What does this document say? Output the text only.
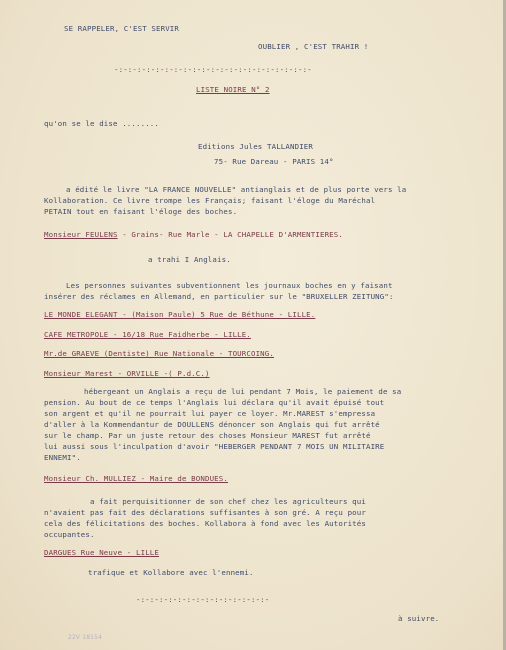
SE RAPPELER, C'EST SERVIR
OUBLIER , C'EST TRAHIR !
-:-:-:-:-:-:-:-:-:-:-:-:-:-:-:-:-:-:-:-:-:-
LISTE NOIRE N° 2
qu'on se le dise ........
Editions Jules TALLANDIER
75- Rue Dareau - PARIS 14°
a édité le livre "LA FRANCE NOUVELLE" antianglais et de plus porte vers la
Kollaboration. Ce livre trompe les Français; faisant l'éloge du Maréchal
PETAIN tout en faisant l'éloge des boches.
Monsieur FEULENS - Grains- Rue Marle - LA CHAPELLE D'ARMENTIERES.
a trahi I Anglais.
Les personnes suivantes subventionnent les journaux boches en y faisant
insérer des réclames en Allemand, en particulier sur le "BRUXELLER ZEITUNG":
LE MONDE ELEGANT - (Maison Paule) 5 Rue de Béthune - LILLE.
CAFE METROPOLE - 16/18 Rue Faidherbe - LILLE.
Mr.de GRAEVE (Dentiste) Rue Nationale - TOURCOING.
Monsieur Marest - ORVILLE -( P.d.C.)
hébergeant un Anglais a reçu de lui pendant 7 Mois, le paiement de sa
pension. Au bout de ce temps l'Anglais lui déclara qu'il avait épuisé tout
son argent et qu'il ne pourrait lui payer ce loyer. Mr.MAREST s'empressa
d'aller à la Kommendantur de DOULLENS dénoncer son Anglais qui fut arrêté
sur le champ. Par un juste retour des choses Monsieur MAREST fut arrêté
lui aussi sous l'inculpation d'avoir "HEBERGER PENDANT 7 MOIS UN MILITAIRE
ENNEMI".
Monsieur Ch. MULLIEZ - Maire de BONDUES.
a fait perquisitionner de son chef chez les agriculteurs qui
n'avaient pas fait des déclarations suffisantes à son gré. A reçu pour
cela des félicitations des boches. Kollabora à fond avec les Autorités
occupantes.
DARGUES Rue Neuve - LILLE
trafique et Kollabore avec l'ennemi.
-:-:-:-:-:-:-:-:-:-:-:-:-:-:-
à suivre.
22V 18154
